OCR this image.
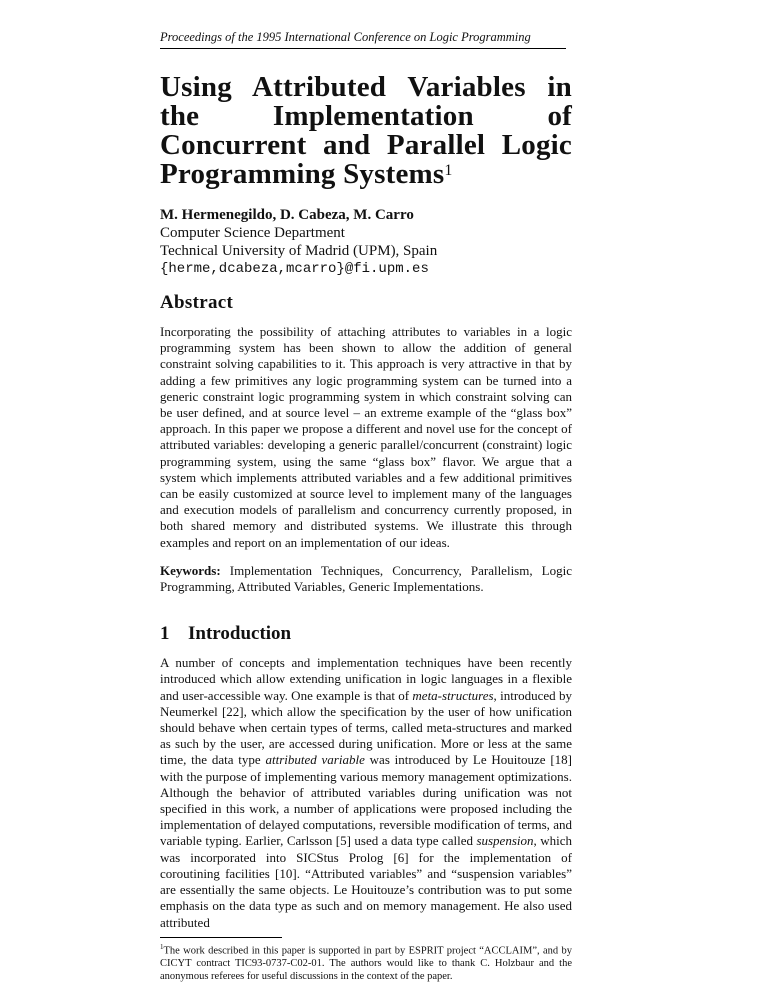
Proceedings of the 1995 International Conference on Logic Programming
Using Attributed Variables in the Implementation of Concurrent and Parallel Logic Programming Systems$^1$
M. Hermenegildo, D. Cabeza, M. Carro
Computer Science Department
Technical University of Madrid (UPM), Spain
{herme,dcabeza,mcarro}@fi.upm.es
Abstract

Incorporating the possibility of attaching attributes to variables in a logic programming system has been shown to allow the addition of general constraint solving capabilities to it. This approach is very attractive in that by adding a few primitives any logic programming system can be turned into a generic constraint logic programming system in which constraint solving can be user defined, and at source level – an extreme example of the “glass box” approach. In this paper we propose a different and novel use for the concept of attributed variables: developing a generic parallel/concurrent (constraint) logic programming system, using the same “glass box” flavor. We argue that a system which implements attributed variables and a few additional primitives can be easily customized at source level to implement many of the languages and execution models of parallelism and concurrency currently proposed, in both shared memory and distributed systems. We illustrate this through examples and report on an implementation of our ideas.

Keywords: Implementation Techniques, Concurrency, Parallelism, Logic Programming, Attributed Variables, Generic Implementations.

1 Introduction

A number of concepts and implementation techniques have been recently introduced which allow extending unification in logic languages in a flexible and user-accessible way. One example is that of meta-structures, introduced by Neumerkel [22], which allow the specification by the user of how unification should behave when certain types of terms, called meta-structures and marked as such by the user, are accessed during unification. More or less at the same time, the data type attributed variable was introduced by Le Houitouze [18] with the purpose of implementing various memory management optimizations. Although the behavior of attributed variables during unification was not specified in this work, a number of applications were proposed including the implementation of delayed computations, reversible modification of terms, and variable typing. Earlier, Carlsson [5] used a data type called suspension, which was incorporated into SICStus Prolog [6] for the implementation of coroutining facilities [10]. “Attributed variables” and “suspension variables” are essentially the same objects. Le Houitouze’s contribution was to put some emphasis on the data type as such and on memory management. He also used attributed

$^1$The work described in this paper is supported in part by ESPRIT project “ACCLAIM”, and by CICYT contract TIC93-0737-C02-01. The authors would like to thank C. Holzbaur and the anonymous referees for useful discussions in the context of the paper.
